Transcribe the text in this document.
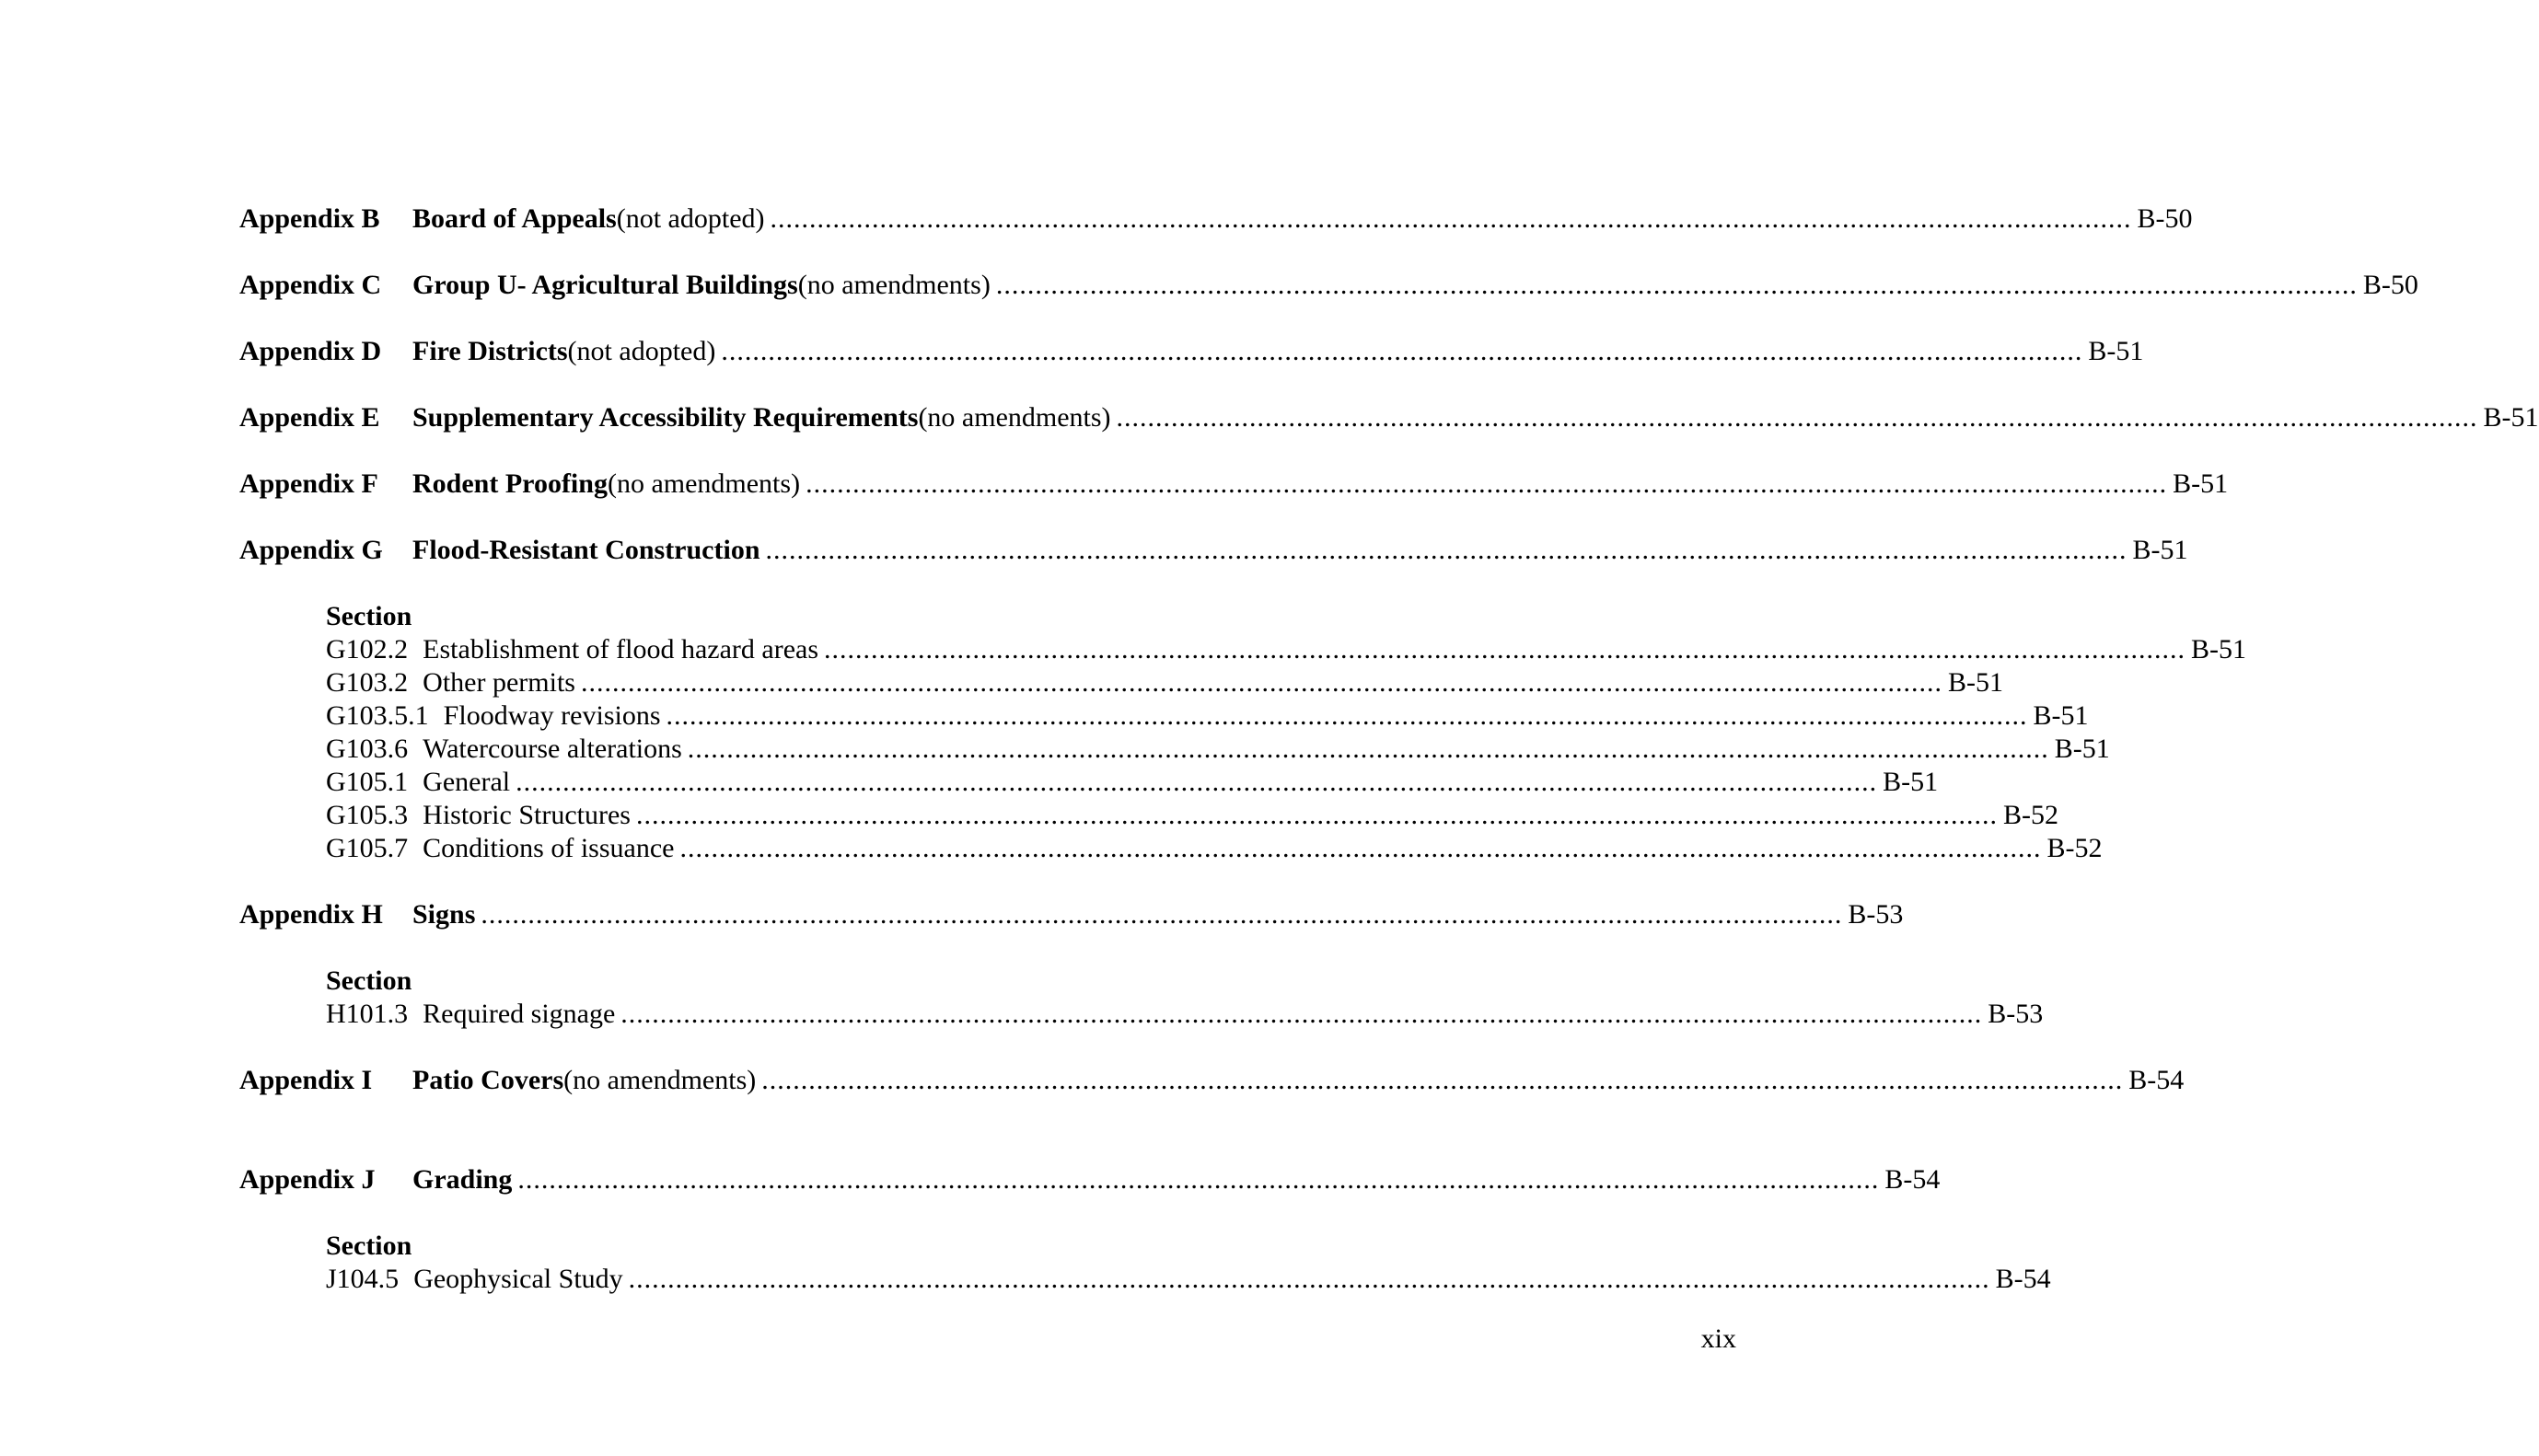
Appendix B	Board of Appeals (not adopted) .............................................................................................................................................................................. B-50
Appendix C	Group U- Agricultural Buildings (no amendments) .............................................................................................................................................................................. B-50
Appendix D	Fire Districts (not adopted) .............................................................................................................................................................................. B-51
Appendix E	Supplementary Accessibility Requirements (no amendments) .............................................................................................................................................................................. B-51
Appendix F	Rodent Proofing (no amendments) .............................................................................................................................................................................. B-51
Appendix G	Flood-Resistant Construction .............................................................................................................................................................................. B-51
Section
G102.2 Establishment of flood hazard areas .............................................................................................................................................................................. B-51
G103.2 Other permits .............................................................................................................................................................................. B-51
G103.5.1 Floodway revisions .............................................................................................................................................................................. B-51
G103.6 Watercourse alterations .............................................................................................................................................................................. B-51
G105.1 General .............................................................................................................................................................................. B-51
G105.3 Historic Structures .............................................................................................................................................................................. B-52
G105.7 Conditions of issuance .............................................................................................................................................................................. B-52
Appendix H	Signs .............................................................................................................................................................................. B-53
Section
H101.3 Required signage .............................................................................................................................................................................. B-53
Appendix I	Patio Covers (no amendments) .............................................................................................................................................................................. B-54
Appendix J	Grading .............................................................................................................................................................................. B-54
Section
J104.5 Geophysical Study .............................................................................................................................................................................. B-54
xix
